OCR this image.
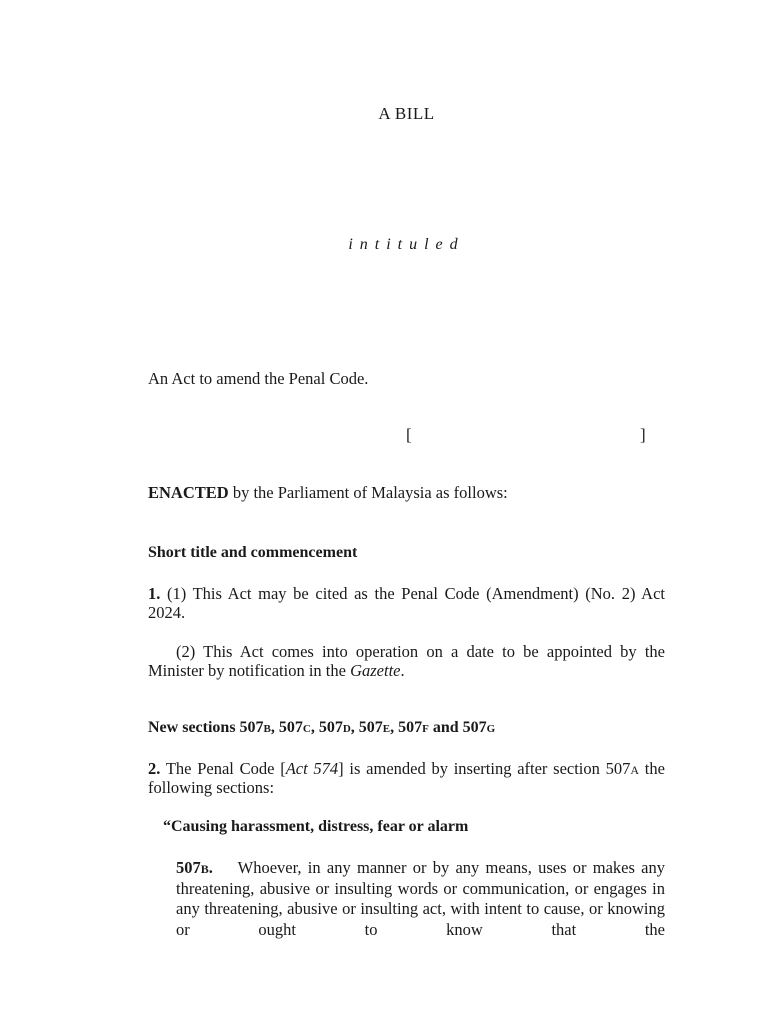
A BILL
intituled
An Act to amend the Penal Code.
[	]
ENACTED by the Parliament of Malaysia as follows:
Short title and commencement
1. (1) This Act may be cited as the Penal Code (Amendment) (No. 2) Act 2024.
(2) This Act comes into operation on a date to be appointed by the Minister by notification in the Gazette.
New sections 507b, 507c, 507d, 507e, 507f and 507g
2. The Penal Code [Act 574] is amended by inserting after section 507a the following sections:
“Causing harassment, distress, fear or alarm
507b. Whoever, in any manner or by any means, uses or makes any threatening, abusive or insulting words or communication, or engages in any threatening, abusive or insulting act, with intent to cause, or knowing or ought to know that the
